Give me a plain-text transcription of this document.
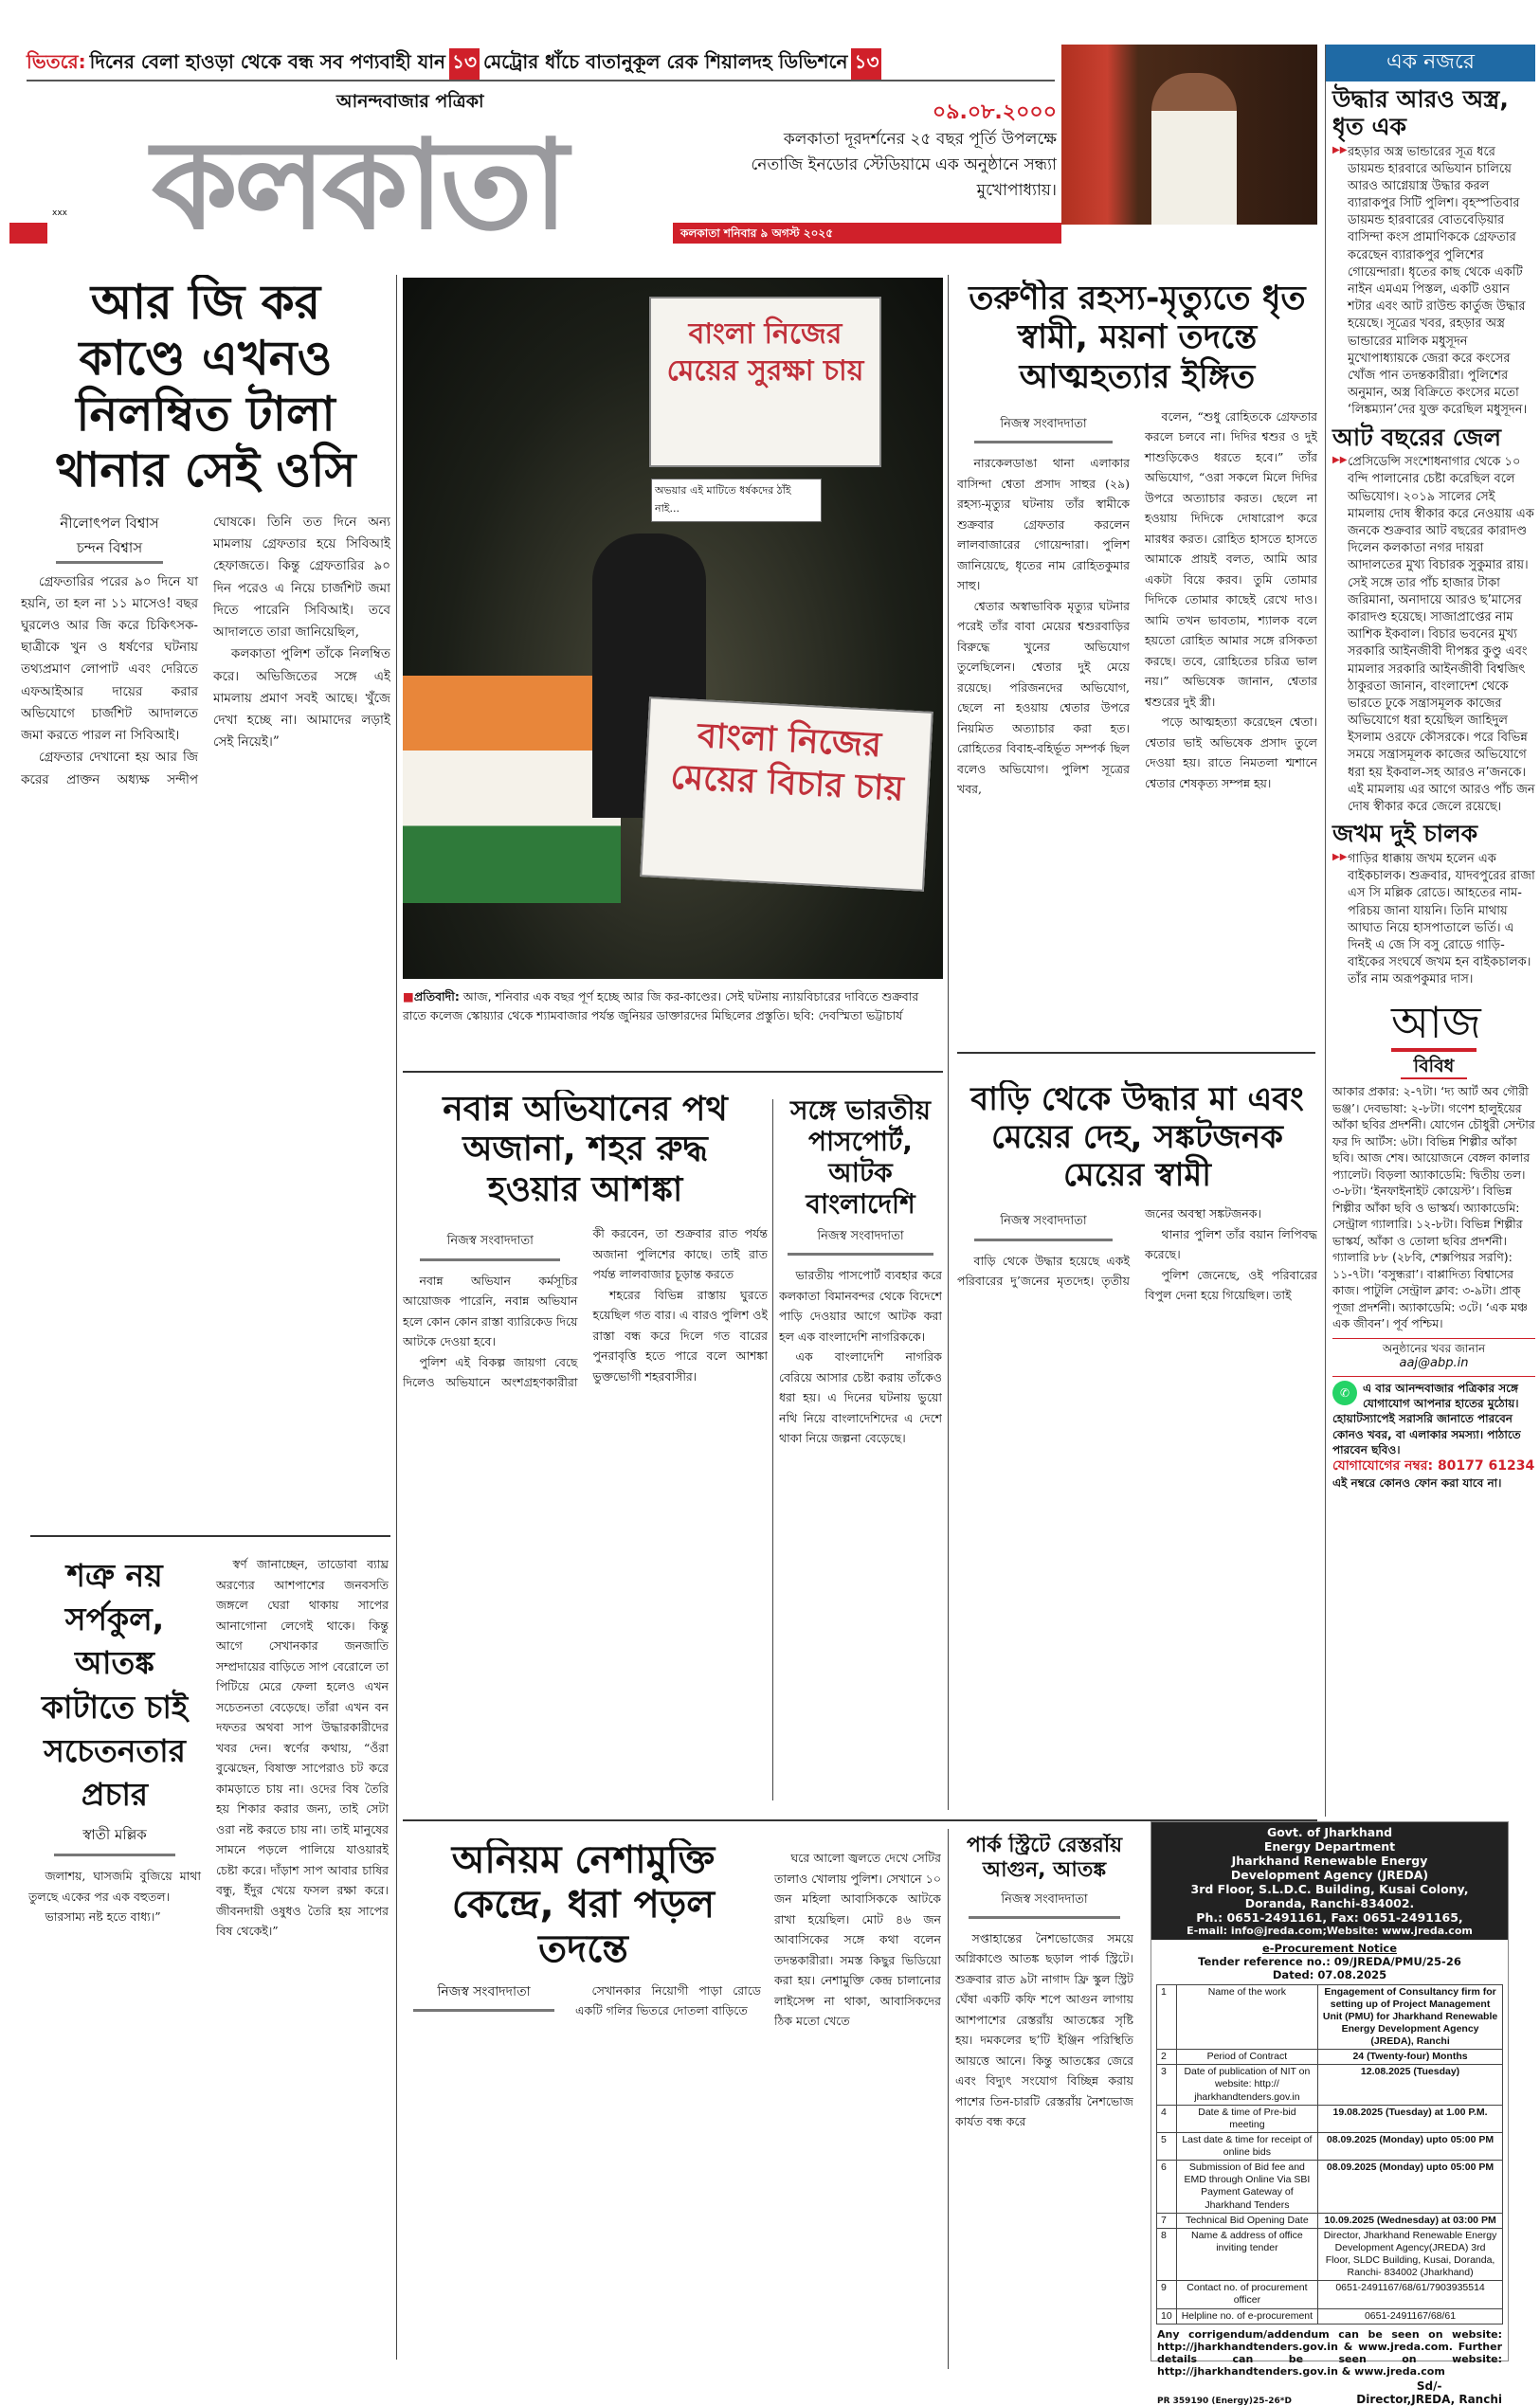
ভিতরে: দিনের বেলা হাওড়া থেকে বন্ধ সব পণ্যবাহী যান ১৩ মেট্রোর ধাঁচে বাতানুকূল রেক শিয়ালদহ ডিভিশনে ১৩
xxx
আনন্দবাজার পত্রিকা
কলকাতা	কলকাতা শনিবার ৯ অগস্ট ২০২৫
০৯.০৮.২০০০
কলকাতা দূরদর্শনের ২৫ বছর পূর্তি উপলক্ষে নেতাজি ইনডোর স্টেডিয়ামে এক অনুষ্ঠানে সন্ধ্যা মুখোপাধ্যায়।
এক নজরে
উদ্ধার আরও অস্ত্র, ধৃত এক

▶▶ রহড়ার অস্ত্র ভান্ডারের সূত্র ধরে ডায়মন্ড হারবারে অভিযান চালিয়ে আরও আগ্নেয়াস্ত্র উদ্ধার করল ব্যারাকপুর সিটি পুলিশ। বৃহস্পতিবার ডায়মন্ড হারবারের বোতবেড়িয়ার বাসিন্দা কংস প্রামাণিককে গ্রেফতার করেছেন ব্যারাকপুর পুলিশের গোয়েন্দারা। ধৃতের কাছ থেকে একটি নাইন এমএম পিস্তল, একটি ওয়ান শটার এবং আট রাউন্ড কার্তুজ উদ্ধার হয়েছে। সূত্রের খবর, রহড়ার অস্ত্র ভান্ডারের মালিক মধুসূদন মুখোপাধ্যায়কে জেরা করে কংসের খোঁজ পান তদন্তকারীরা। পুলিশের অনুমান, অস্ত্র বিক্রিতে কংসের মতো ‘লিঙ্কম্যান’দের যুক্ত করেছিল মধুসূদন।

আট বছরের জেল

▶▶ প্রেসিডেন্সি সংশোধনাগার থেকে ১০ বন্দি পালানোর চেষ্টা করেছিল বলে অভিযোগ। ২০১৯ সালের সেই মামলায় দোষ স্বীকার করে নেওয়ায় এক জনকে শুক্রবার আট বছরের কারাদণ্ড দিলেন কলকাতা নগর দায়রা আদালতের মুখ্য বিচারক সুকুমার রায়। সেই সঙ্গে তার পাঁচ হাজার টাকা জরিমানা, অনাদায়ে আরও ছ’মাসের কারাদণ্ড হয়েছে। সাজাপ্রাপ্তের নাম আশিক ইকবাল। বিচার ভবনের মুখ্য সরকারি আইনজীবী দীপঙ্কর কুণ্ডু এবং মামলার সরকারি আইনজীবী বিশ্বজিৎ ঠাকুরতা জানান, বাংলাদেশ থেকে ভারতে ঢুকে সন্ত্রাসমূলক কাজের অভিযোগে ধরা হয়েছিল জাহিদুল ইসলাম ওরফে কৌসরকে। পরে বিভিন্ন সময়ে সন্ত্রাসমূলক কাজের অভিযোগে ধরা হয় ইকবাল-সহ আরও ন’জনকে। এই মামলায় এর আগে আরও পাঁচ জন দোষ স্বীকার করে জেলে রয়েছে।

জখম দুই চালক

▶▶ গাড়ির ধাক্কায় জখম হলেন এক বাইকচালক। শুক্রবার, যাদবপুরের রাজা এস সি মল্লিক রোডে। আহতের নাম-পরিচয় জানা যায়নি। তিনি মাথায় আঘাত নিয়ে হাসপাতালে ভর্তি। এ দিনই এ জে সি বসু রোডে গাড়ি-বাইকের সংঘর্ষে জখম হন বাইকচালক। তাঁর নাম অরূপকুমার দাস।

আজ
বিবিধ
আকার প্রকার: ২-৭টা। ‘দ্য আর্ট অব গৌরী ভঞ্জ’। দেবভাষা: ২-৮টা। গণেশ হালুইয়ের আঁকা ছবির প্রদর্শনী। যোগেন চৌধুরী সেন্টার ফর দি আর্টস: ৬টা। বিভিন্ন শিল্পীর আঁকা ছবি। আজ শেষ। আয়োজনে বেঙ্গল কালার প্যালেট। বিড়লা অ্যাকাডেমি: দ্বিতীয় তল। ৩-৮টা। ‘ইনফাইনাইট কোয়েস্ট’। বিভিন্ন শিল্পীর আঁকা ছবি ও ভাস্কর্য। অ্যাকাডেমি: সেন্ট্রাল গ্যালারি। ১২-৮টা। বিভিন্ন শিল্পীর ভাস্কর্য, আঁকা ও তোলা ছবির প্রদর্শনী। গ্যালারি ৮৮ (২৮বি, শেক্সপিয়র সরণি): ১১-৭টা। ‘বসুন্ধরা’। বাপ্পাদিত্য বিশ্বাসের কাজ। পাটুলি সেন্ট্রাল ক্লাব: ৩-৯টা। প্রাক্ পূজা প্রদর্শনী। অ্যাকাডেমি: ৩টে। ‘এক মঞ্চ এক জীবন’। পূর্ব পশ্চিম।
অনুষ্ঠানের খবর জানান
aaj@abp.in
✆	এ বার আনন্দবাজার পত্রিকার সঙ্গে যোগাযোগ আপনার হাতের মুঠোয়। হোয়াটস্যাপেই সরাসরি জানাতে পারবেন কোনও খবর, বা এলাকার সমস্যা। পাঠাতে পারবেন ছবিও।
যোগাযোগের নম্বর: 80177 61234
এই নম্বরে কোনও ফোন করা যাবে না।
আর জি কর কাণ্ডে এখনও নিলম্বিত টালা থানার সেই ওসি
নীলোৎপল বিশ্বাস
চন্দন বিশ্বাস

গ্রেফতারির পরের ৯০ দিনে যা হয়নি, তা হল না ১১ মাসেও! বছর ঘুরলেও আর জি করে চিকিৎসক-ছাত্রীকে খুন ও ধর্ষণের ঘটনায় তথ্যপ্রমাণ লোপাট এবং দেরিতে এফআইআর দায়ের করার অভিযোগে চার্জশিট আদালতে জমা করতে পারল না সিবিআই।

গ্রেফতার দেখানো হয় আর জি করের প্রাক্তন অধ্যক্ষ সন্দীপ ঘোষকে। তিনি তত দিনে অন্য মামলায় গ্রেফতার হয়ে সিবিআই হেফাজতে। কিন্তু গ্রেফতারির ৯০ দিন পরেও এ নিয়ে চার্জশিট জমা দিতে পারেনি সিবিআই। তবে আদালতে তারা জানিয়েছিল,

কলকাতা পুলিশ তাঁকে নিলম্বিত করে। অভিজিতের সঙ্গে এই মামলায় প্রমাণ সবই আছে। খুঁজে দেখা হচ্ছে না। আমাদের লড়াই সেই নিয়েই।”

বাংলা নিজের মেয়ের সুরক্ষা চায়
অভয়ার এই মাটিতে ধর্ষকদের ঠাঁই নাই...
বাংলা নিজের মেয়ের বিচার চায়
■প্রতিবাদী: আজ, শনিবার এক বছর পূর্ণ হচ্ছে আর জি কর-কাণ্ডের। সেই ঘটনায় ন্যায়বিচারের দাবিতে শুক্রবার রাতে কলেজ স্কোয়্যার থেকে শ্যামবাজার পর্যন্ত জুনিয়র ডাক্তারদের মিছিলের প্রস্তুতি। ছবি: দেবস্মিতা ভট্টাচার্য
তরুণীর রহস্য-মৃত্যুতে ধৃত স্বামী, ময়না তদন্তে আত্মহত্যার ইঙ্গিত
নিজস্ব সংবাদদাতা

নারকেলডাঙা থানা এলাকার বাসিন্দা শ্বেতা প্রসাদ সাহুর (২৯) রহস্য-মৃত্যুর ঘটনায় তাঁর স্বামীকে শুক্রবার গ্রেফতার করলেন লালবাজারের গোয়েন্দারা। পুলিশ জানিয়েছে, ধৃতের নাম রোহিতকুমার সাহু।

শ্বেতার অস্বাভাবিক মৃত্যুর ঘটনার পরেই তাঁর বাবা মেয়ের শ্বশুরবাড়ির বিরুদ্ধে খুনের অভিযোগ তুলেছিলেন। শ্বেতার দুই মেয়ে রয়েছে। পরিজনদের অভিযোগ, ছেলে না হওয়ায় শ্বেতার উপরে নিয়মিত অত্যাচার করা হত। রোহিতের বিবাহ-বহির্ভূত সম্পর্ক ছিল বলেও অভিযোগ। পুলিশ সূত্রের খবর,

বলেন, “শুধু রোহিতকে গ্রেফতার করলে চলবে না। দিদির শ্বশুর ও দুই শাশুড়িকেও ধরতে হবে।” তাঁর অভিযোগ, “ওরা সকলে মিলে দিদির উপরে অত্যাচার করত। ছেলে না হওয়ায় দিদিকে দোষারোপ করে মারধর করত। রোহিত হাসতে হাসতে আমাকে প্রায়ই বলত, আমি আর একটা বিয়ে করব। তুমি তোমার দিদিকে তোমার কাছেই রেখে দাও। আমি তখন ভাবতাম, শ্যালক বলে হয়তো রোহিত আমার সঙ্গে রসিকতা করছে। তবে, রোহিতের চরিত্র ভাল নয়।” অভিষেক জানান, শ্বেতার শ্বশুরের দুই স্ত্রী।

পড়ে আত্মহত্যা করেছেন শ্বেতা। শ্বেতার ভাই অভিষেক প্রসাদ তুলে দেওয়া হয়। রাতে নিমতলা শ্মশানে শ্বেতার শেষকৃত্য সম্পন্ন হয়।

নবান্ন অভিযানের পথ অজানা, শহর রুদ্ধ হওয়ার আশঙ্কা
নিজস্ব সংবাদদাতা

নবান্ন অভিযান কর্মসূচির আয়োজক পারেনি, নবান্ন অভিযান হলে কোন কোন রাস্তা ব্যারিকেড দিয়ে আটকে দেওয়া হবে।

পুলিশ এই বিকল্প জায়গা বেছে দিলেও অভিযানে অংশগ্রহণকারীরা কী করবেন, তা শুক্রবার রাত পর্যন্ত অজানা পুলিশের কাছে। তাই রাত পর্যন্ত লালবাজার চূড়ান্ত করতে

শহরের বিভিন্ন রাস্তায় ঘুরতে হয়েছিল গত বার। এ বারও পুলিশ ওই রাস্তা বন্ধ করে দিলে গত বারের পুনরাবৃত্তি হতে পারে বলে আশঙ্কা ভুক্তভোগী শহরবাসীর।

সঙ্গে ভারতীয় পাসপোর্ট, আটক বাংলাদেশি
নিজস্ব সংবাদদাতা

ভারতীয় পাসপোর্ট ব্যবহার করে কলকাতা বিমানবন্দর থেকে বিদেশে পাড়ি দেওয়ার আগে আটক করা হল এক বাংলাদেশি নাগরিককে।

এক বাংলাদেশি নাগরিক বেরিয়ে আসার চেষ্টা করায় তাঁকেও ধরা হয়। এ দিনের ঘটনায় ভুয়ো নথি নিয়ে বাংলাদেশিদের এ দেশে থাকা নিয়ে জল্পনা বেড়েছে।

বাড়ি থেকে উদ্ধার মা এবং মেয়ের দেহ, সঙ্কটজনক মেয়ের স্বামী
নিজস্ব সংবাদদাতা

বাড়ি থেকে উদ্ধার হয়েছে একই পরিবারের দু’জনের মৃতদেহ। তৃতীয় জনের অবস্থা সঙ্কটজনক।

থানার পুলিশ তাঁর বয়ান লিপিবদ্ধ করেছে।

পুলিশ জেনেছে, ওই পরিবারের বিপুল দেনা হয়ে গিয়েছিল। তাই

শত্রু নয় সর্পকুল, আতঙ্ক কাটাতে চাই সচেতনতার প্রচার
স্বাতী মল্লিক

জলাশয়, ঘাসজমি বুজিয়ে মাথা তুলছে একের পর এক বহুতল।

ভারসাম্য নষ্ট হতে বাধ্য।”

স্বর্ণ জানাচ্ছেন, তাডোবা ব্যাঘ্র অরণ্যের আশপাশের জনবসতি জঙ্গলে ঘেরা থাকায় সাপের আনাগোনা লেগেই থাকে। কিন্তু আগে সেখানকার জনজাতি সম্প্রদায়ের বাড়িতে সাপ বেরোলে তা পিটিয়ে মেরে ফেলা হলেও এখন সচেতনতা বেড়েছে। তাঁরা এখন বন দফতর অথবা সাপ উদ্ধারকারীদের খবর দেন। স্বর্ণের কথায়, “ওঁরা বুঝেছেন, বিষাক্ত সাপেরাও চট করে কামড়াতে চায় না। ওদের বিষ তৈরি হয় শিকার করার জন্য, তাই সেটা ওরা নষ্ট করতে চায় না। তাই মানুষের সামনে পড়লে পালিয়ে যাওয়ারই চেষ্টা করে। দাঁড়াশ সাপ আবার চাষির বন্ধু, ইঁদুর খেয়ে ফসল রক্ষা করে। জীবনদায়ী ওষুধও তৈরি হয় সাপের বিষ থেকেই।”

অনিয়ম নেশামুক্তি কেন্দ্রে, ধরা পড়ল তদন্তে
নিজস্ব সংবাদদাতা	সেখানকার নিয়োগী পাড়া রোডে একটি গলির ভিতরে দোতলা বাড়িতে

ঘরে আলো জ্বলতে দেখে সেটির তালাও খোলায় পুলিশ। সেখানে ১০ জন মহিলা আবাসিককে আটকে রাখা হয়েছিল। মোট ৪৬ জন আবাসিকের সঙ্গে কথা বলেন তদন্তকারীরা। সমস্ত কিছুর ভিডিয়ো করা হয়। নেশামুক্তি কেন্দ্র চালানোর লাইসেন্স না থাকা, আবাসিকদের ঠিক মতো খেতে

পার্ক স্ট্রিটে রেস্তরাঁয় আগুন, আতঙ্ক
নিজস্ব সংবাদদাতা

সপ্তাহান্তের নৈশভোজের সময়ে অগ্নিকাণ্ডে আতঙ্ক ছড়াল পার্ক স্ট্রিটে। শুক্রবার রাত ৯টা নাগাদ ফ্রি স্কুল স্ট্রিট ঘেঁষা একটি কফি শপে আগুন লাগায় আশপাশের রেস্তরাঁয় আতঙ্কের সৃষ্টি হয়। দমকলের ছ’টি ইঞ্জিন পরিস্থিতি আয়ত্তে আনে। কিন্তু আতঙ্কের জেরে এবং বিদ্যুৎ সংযোগ বিচ্ছিন্ন করায় পাশের তিন-চারটি রেস্তরাঁয় নৈশভোজ কার্যত বন্ধ করে

Govt. of Jharkhand
Energy Department
Jharkhand Renewable Energy
Development Agency (JREDA)
3rd Floor, S.L.D.C. Building, Kusai Colony,
Doranda, Ranchi-834002.
Ph.: 0651-2491161, Fax: 0651-2491165,
E-mail: info@jreda.com;Website: www.jreda.com
e-Procurement Notice
Tender reference no.: 09/JREDA/PMU/25-26
Dated: 07.08.2025
1	Name of the work	Engagement of Consultancy firm for setting up of Project Management Unit (PMU) for Jharkhand Renewable Energy Development Agency (JREDA), Ranchi
2	Period of Contract	24 (Twenty-four) Months
3	Date of publication of NIT on website: http:// jharkhandtenders.gov.in	12.08.2025 (Tuesday)
4	Date & time of Pre-bid meeting	19.08.2025 (Tuesday) at 1.00 P.M.
5	Last date & time for receipt of online bids	08.09.2025 (Monday) upto 05:00 PM
6	Submission of Bid fee and EMD through Online Via SBI Payment Gateway of Jharkhand Tenders	08.09.2025 (Monday) upto 05:00 PM
7	Technical Bid Opening Date	10.09.2025 (Wednesday) at 03:00 PM
8	Name & address of office inviting tender	Director, Jharkhand Renewable Energy Development Agency(JREDA) 3rd Floor, SLDC Building, Kusai, Doranda, Ranchi- 834002 (Jharkhand)
9	Contact no. of procurement officer	0651-2491167/68/61/7903935514
10	Helpline no. of e-procurement	0651-2491167/68/61
Any corrigendum/addendum can be seen on website: http://jharkhandtenders.gov.in & www.jreda.com. Further details can be seen on website: http://jharkhandtenders.gov.in & www.jreda.com
PR 359190 (Energy)25-26*D
Sd/-
Director,JREDA, Ranchi
